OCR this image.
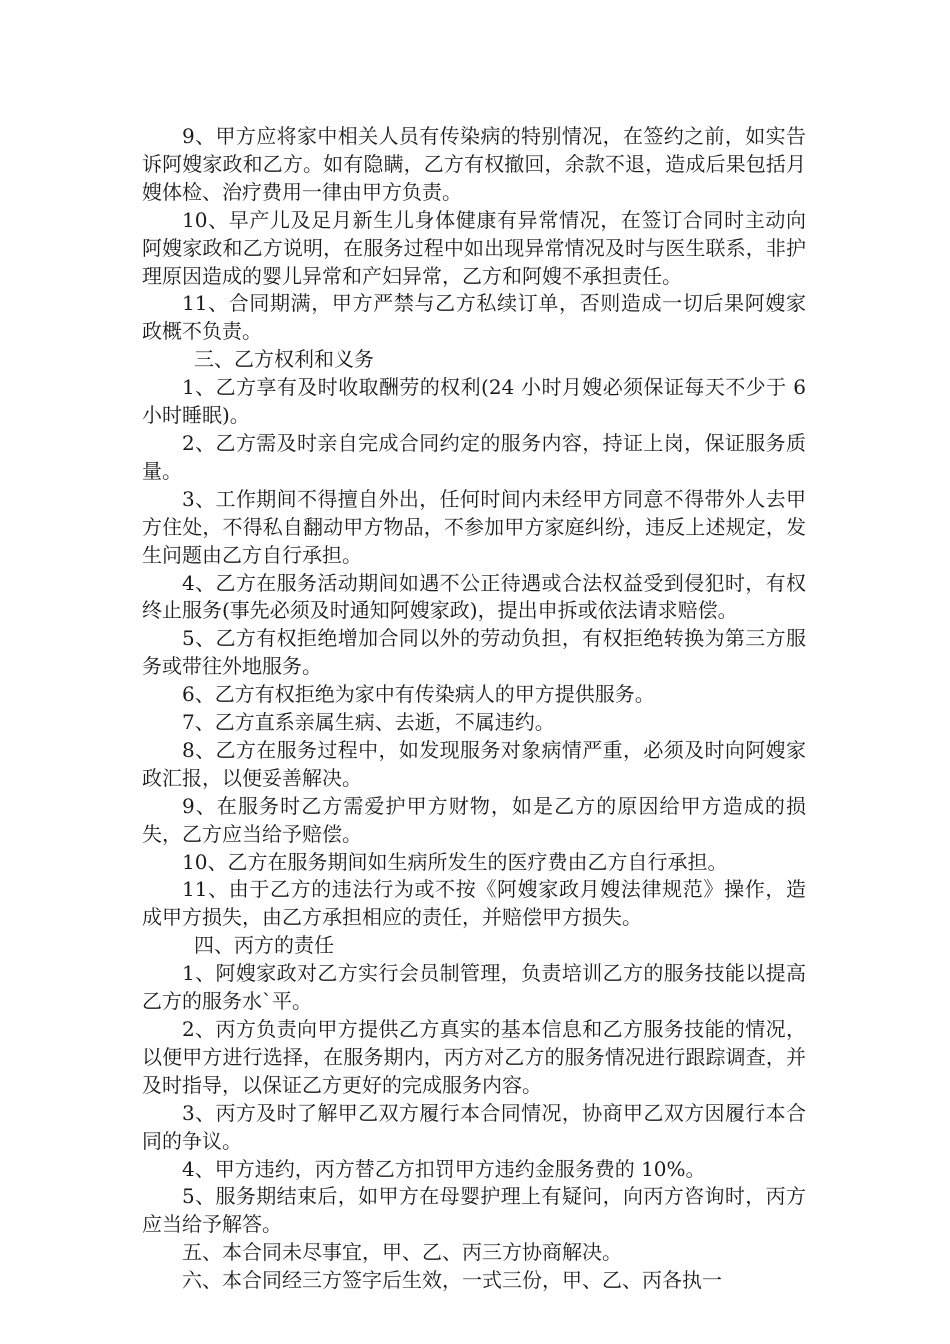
9、甲方应将家中相关人员有传染病的特别情况，在签约之前，如实告诉阿嫂家政和乙方。如有隐瞒，乙方有权撤回，余款不退，造成后果包括月嫂体检、治疗费用一律由甲方负责。

10、早产儿及足月新生儿身体健康有异常情况，在签订合同时主动向阿嫂家政和乙方说明，在服务过程中如出现异常情况及时与医生联系，非护理原因造成的婴儿异常和产妇异常，乙方和阿嫂不承担责任。

11、合同期满，甲方严禁与乙方私续订单，否则造成一切后果阿嫂家政概不负责。

三、乙方权利和义务

1、乙方享有及时收取酬劳的权利(24 小时月嫂必须保证每天不少于 6 小时睡眠)。

2、乙方需及时亲自完成合同约定的服务内容，持证上岗，保证服务质量。

3、工作期间不得擅自外出，任何时间内未经甲方同意不得带外人去甲方住处，不得私自翻动甲方物品，不参加甲方家庭纠纷，违反上述规定，发生问题由乙方自行承担。

4、乙方在服务活动期间如遇不公正待遇或合法权益受到侵犯时，有权终止服务(事先必须及时通知阿嫂家政)，提出申拆或依法请求赔偿。

5、乙方有权拒绝增加合同以外的劳动负担，有权拒绝转换为第三方服务或带往外地服务。

6、乙方有权拒绝为家中有传染病人的甲方提供服务。

7、乙方直系亲属生病、去逝，不属违约。

8、乙方在服务过程中，如发现服务对象病情严重，必须及时向阿嫂家政汇报，以便妥善解决。

9、在服务时乙方需爱护甲方财物，如是乙方的原因给甲方造成的损失，乙方应当给予赔偿。

10、乙方在服务期间如生病所发生的医疗费由乙方自行承担。

11、由于乙方的违法行为或不按《阿嫂家政月嫂法律规范》操作，造成甲方损失，由乙方承担相应的责任，并赔偿甲方损失。

四、丙方的责任

1、阿嫂家政对乙方实行会员制管理，负责培训乙方的服务技能以提高乙方的服务水`平。

2、丙方负责向甲方提供乙方真实的基本信息和乙方服务技能的情况，以便甲方进行选择，在服务期内，丙方对乙方的服务情况进行跟踪调查，并及时指导，以保证乙方更好的完成服务内容。

3、丙方及时了解甲乙双方履行本合同情况，协商甲乙双方因履行本合同的争议。

4、甲方违约，丙方替乙方扣罚甲方违约金服务费的 10%。

5、服务期结束后，如甲方在母婴护理上有疑问，向丙方咨询时，丙方应当给予解答。

五、本合同未尽事宜，甲、乙、丙三方协商解决。

六、本合同经三方签字后生效，一式三份，甲、乙、丙各执一
